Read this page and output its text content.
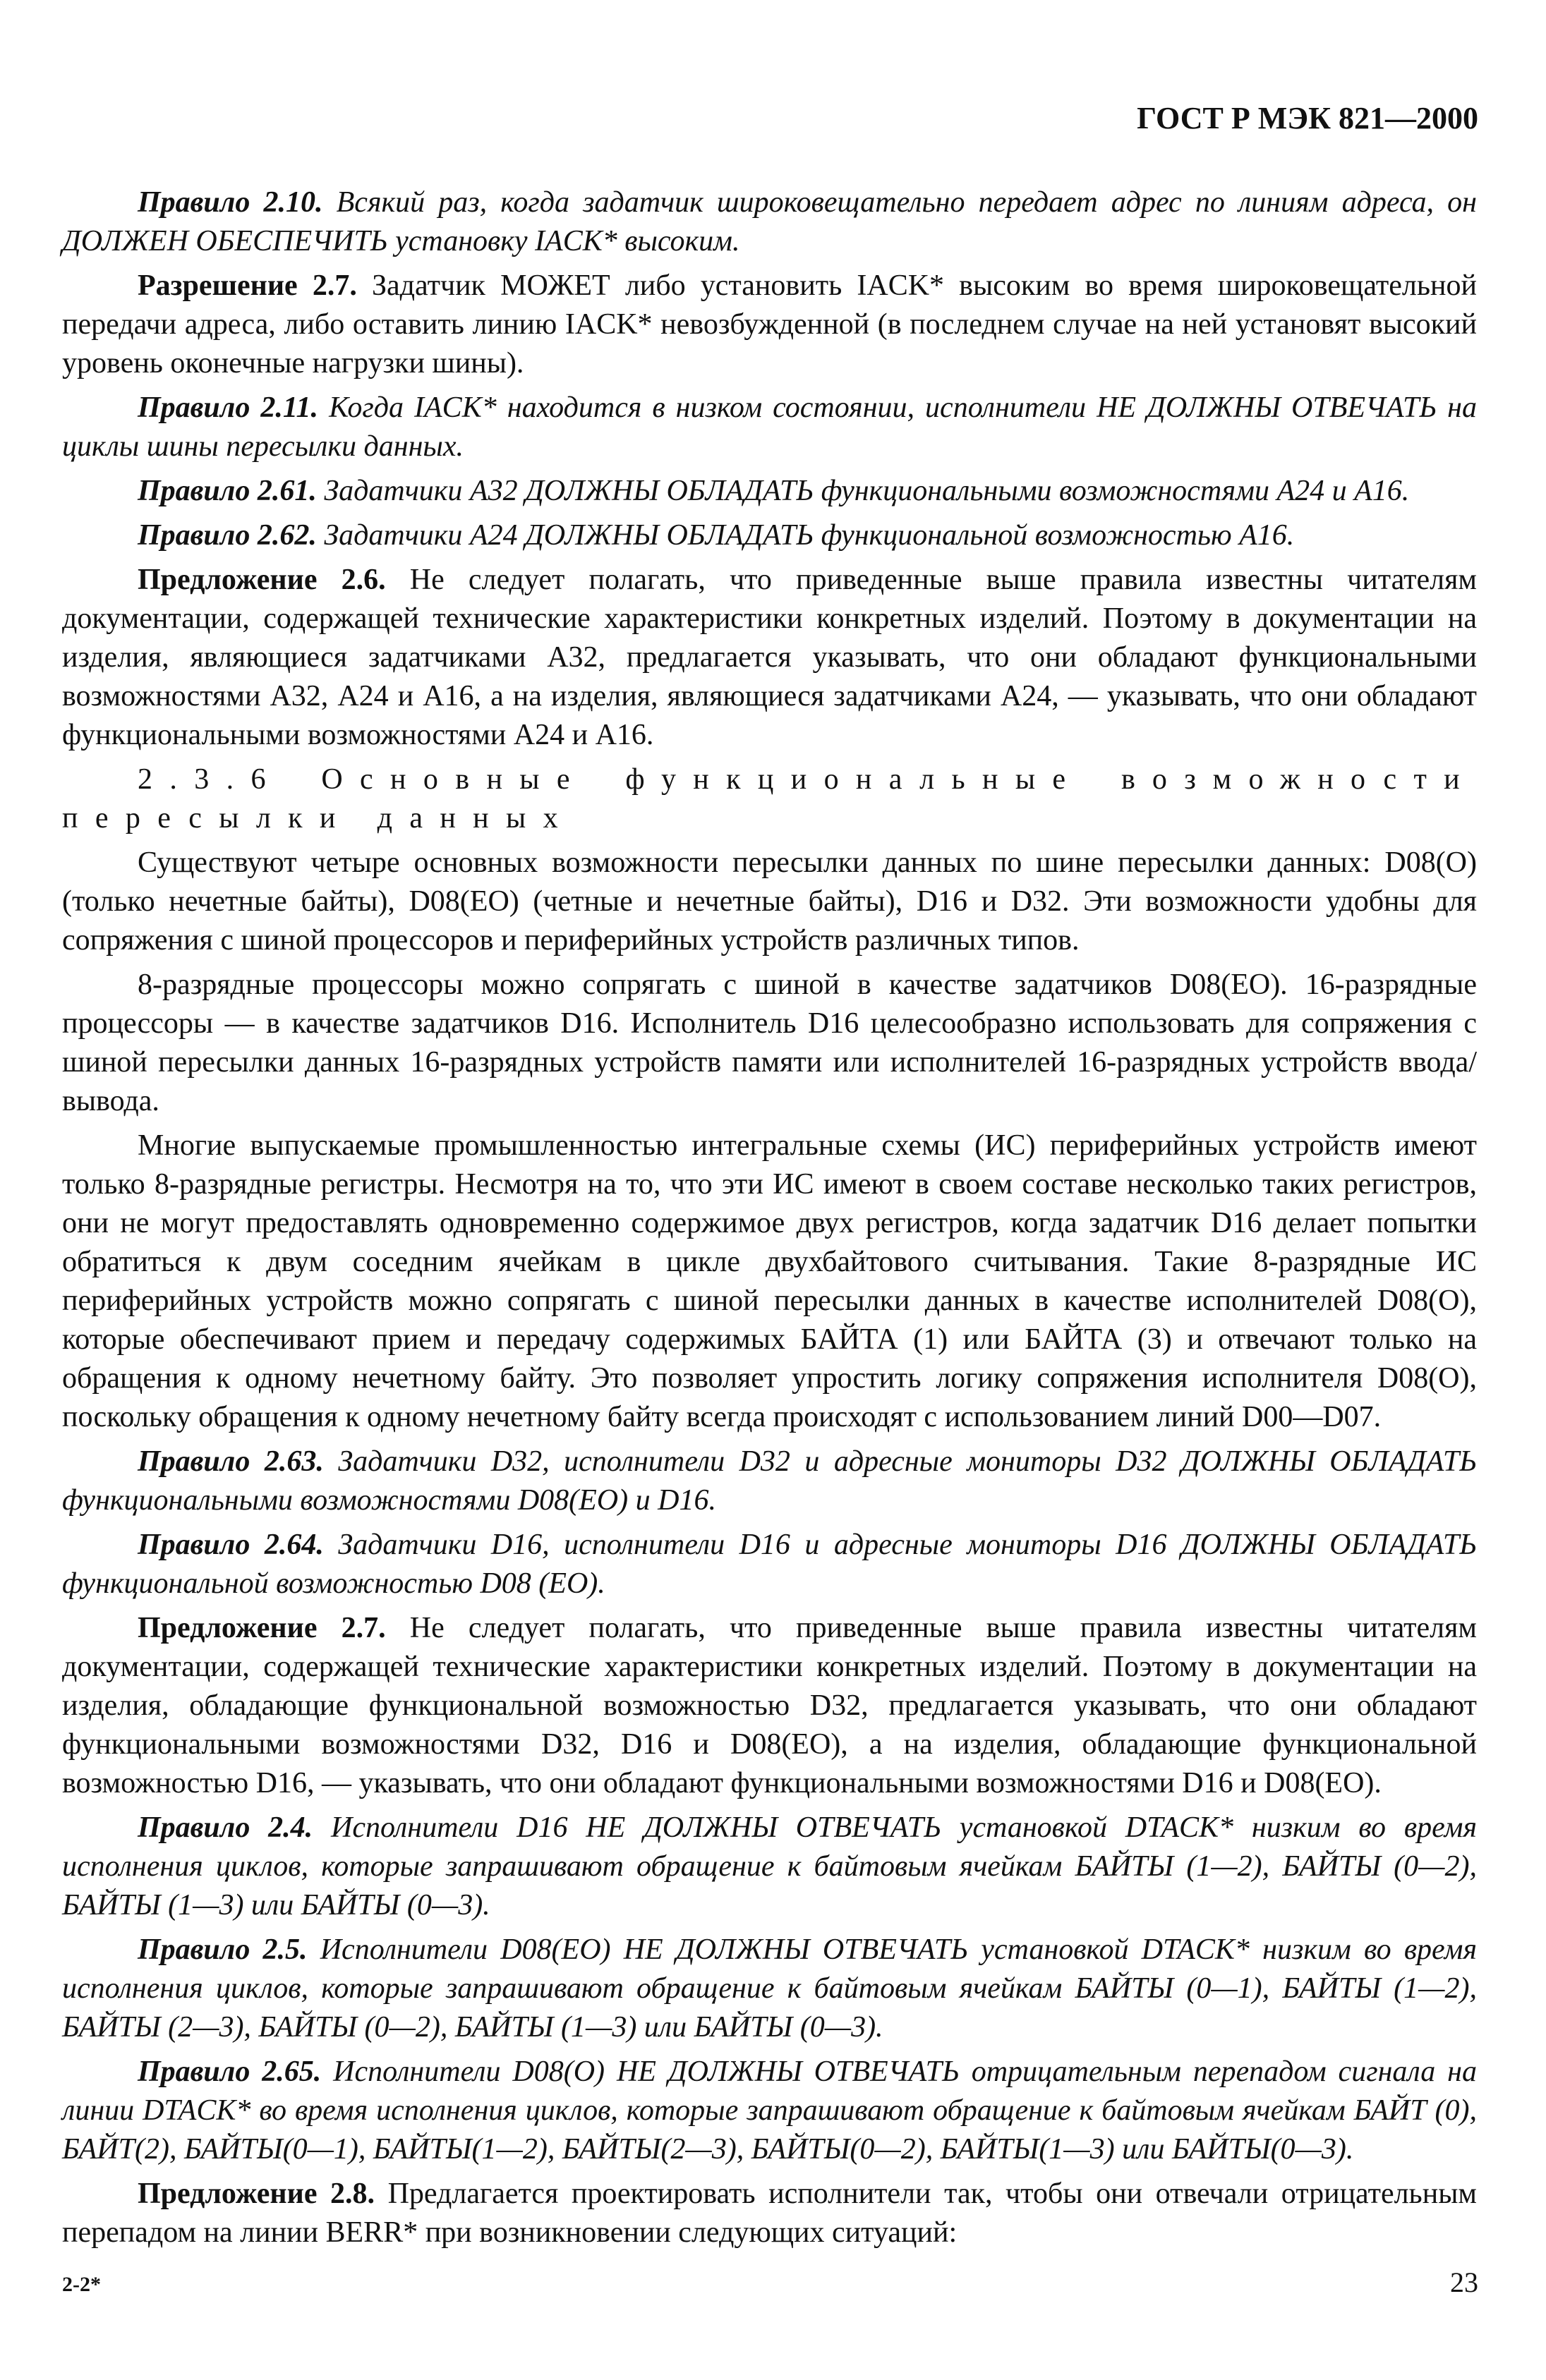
ГОСТ Р МЭК 821—2000

Правило 2.10. Всякий раз, когда задатчик широковещательно передает адрес по линиям адреса, он ДОЛЖЕН ОБЕСПЕЧИТЬ установку IACK* высоким.

Разрешение 2.7. Задатчик МОЖЕТ либо установить IACK* высоким во время широковещательной передачи адреса, либо оставить линию IACK* невозбужденной (в последнем случае на ней установят высокий уровень оконечные нагрузки шины).

Правило 2.11. Когда IACK* находится в низком состоянии, исполнители НЕ ДОЛЖНЫ ОТВЕЧАТЬ на циклы шины пересылки данных.

Правило 2.61. Задатчики А32 ДОЛЖНЫ ОБЛАДАТЬ функциональными возможностями А24 и А16.

Правило 2.62. Задатчики А24 ДОЛЖНЫ ОБЛАДАТЬ функциональной возможностью А16.

Предложение 2.6. Не следует полагать, что приведенные выше правила известны читателям документации, содержащей технические характеристики конкретных изделий. Поэтому в документации на изделия, являющиеся задатчиками А32, предлагается указывать, что они обладают функциональными возможностями А32, А24 и А16, а на изделия, являющиеся задатчиками А24, — указывать, что они обладают функциональными возможностями А24 и А16.

2.3.6 Основные функциональные возможности пересылки данных

Существуют четыре основных возможности пересылки данных по шине пересылки данных: D08(O) (только нечетные байты), D08(EO) (четные и нечетные байты), D16 и D32. Эти возможности удобны для сопряжения с шиной процессоров и периферийных устройств различных типов.

8-разрядные процессоры можно сопрягать с шиной в качестве задатчиков D08(EO). 16-разрядные процессоры — в качестве задатчиков D16. Исполнитель D16 целесообразно использовать для сопряжения с шиной пересылки данных 16-разрядных устройств памяти или исполнителей 16-разрядных устройств ввода/вывода.

Многие выпускаемые промышленностью интегральные схемы (ИС) периферийных устройств имеют только 8-разрядные регистры. Несмотря на то, что эти ИС имеют в своем составе несколько таких регистров, они не могут предоставлять одновременно содержимое двух регистров, когда задатчик D16 делает попытки обратиться к двум соседним ячейкам в цикле двухбайтового считывания. Такие 8-разрядные ИС периферийных устройств можно сопрягать с шиной пересылки данных в качестве исполнителей D08(O), которые обеспечивают прием и передачу содержимых БАЙТА (1) или БАЙТА (3) и отвечают только на обращения к одному нечетному байту. Это позволяет упростить логику сопряжения исполнителя D08(O), поскольку обращения к одному нечетному байту всегда происходят с использованием линий D00—D07.

Правило 2.63. Задатчики D32, исполнители D32 и адресные мониторы D32 ДОЛЖНЫ ОБЛАДАТЬ функциональными возможностями D08(EO) и D16.

Правило 2.64. Задатчики D16, исполнители D16 и адресные мониторы D16 ДОЛЖНЫ ОБЛАДАТЬ функциональной возможностью D08 (EO).

Предложение 2.7. Не следует полагать, что приведенные выше правила известны читателям документации, содержащей технические характеристики конкретных изделий. Поэтому в документации на изделия, обладающие функциональной возможностью D32, предлагается указывать, что они обладают функциональными возможностями D32, D16 и D08(EO), а на изделия, обладающие функциональной возможностью D16, — указывать, что они обладают функциональными возможностями D16 и D08(EO).

Правило 2.4. Исполнители D16 НЕ ДОЛЖНЫ ОТВЕЧАТЬ установкой DTACK* низким во время исполнения циклов, которые запрашивают обращение к байтовым ячейкам БАЙТЫ (1—2), БАЙТЫ (0—2), БАЙТЫ (1—3) или БАЙТЫ (0—3).

Правило 2.5. Исполнители D08(EO) НЕ ДОЛЖНЫ ОТВЕЧАТЬ установкой DTACK* низким во время исполнения циклов, которые запрашивают обращение к байтовым ячейкам БАЙТЫ (0—1), БАЙТЫ (1—2), БАЙТЫ (2—3), БАЙТЫ (0—2), БАЙТЫ (1—3) или БАЙТЫ (0—3).

Правило 2.65. Исполнители D08(O) НЕ ДОЛЖНЫ ОТВЕЧАТЬ отрицательным перепадом сигнала на линии DTACK* во время исполнения циклов, которые запрашивают обращение к байтовым ячейкам БАЙТ (0), БАЙТ(2), БАЙТЫ(0—1), БАЙТЫ(1—2), БАЙТЫ(2—3), БАЙТЫ(0—2), БАЙТЫ(1—3) или БАЙТЫ(0—3).

Предложение 2.8. Предлагается проектировать исполнители так, чтобы они отвечали отрицательным перепадом на линии BERR* при возникновении следующих ситуаций:

2-2*	23
